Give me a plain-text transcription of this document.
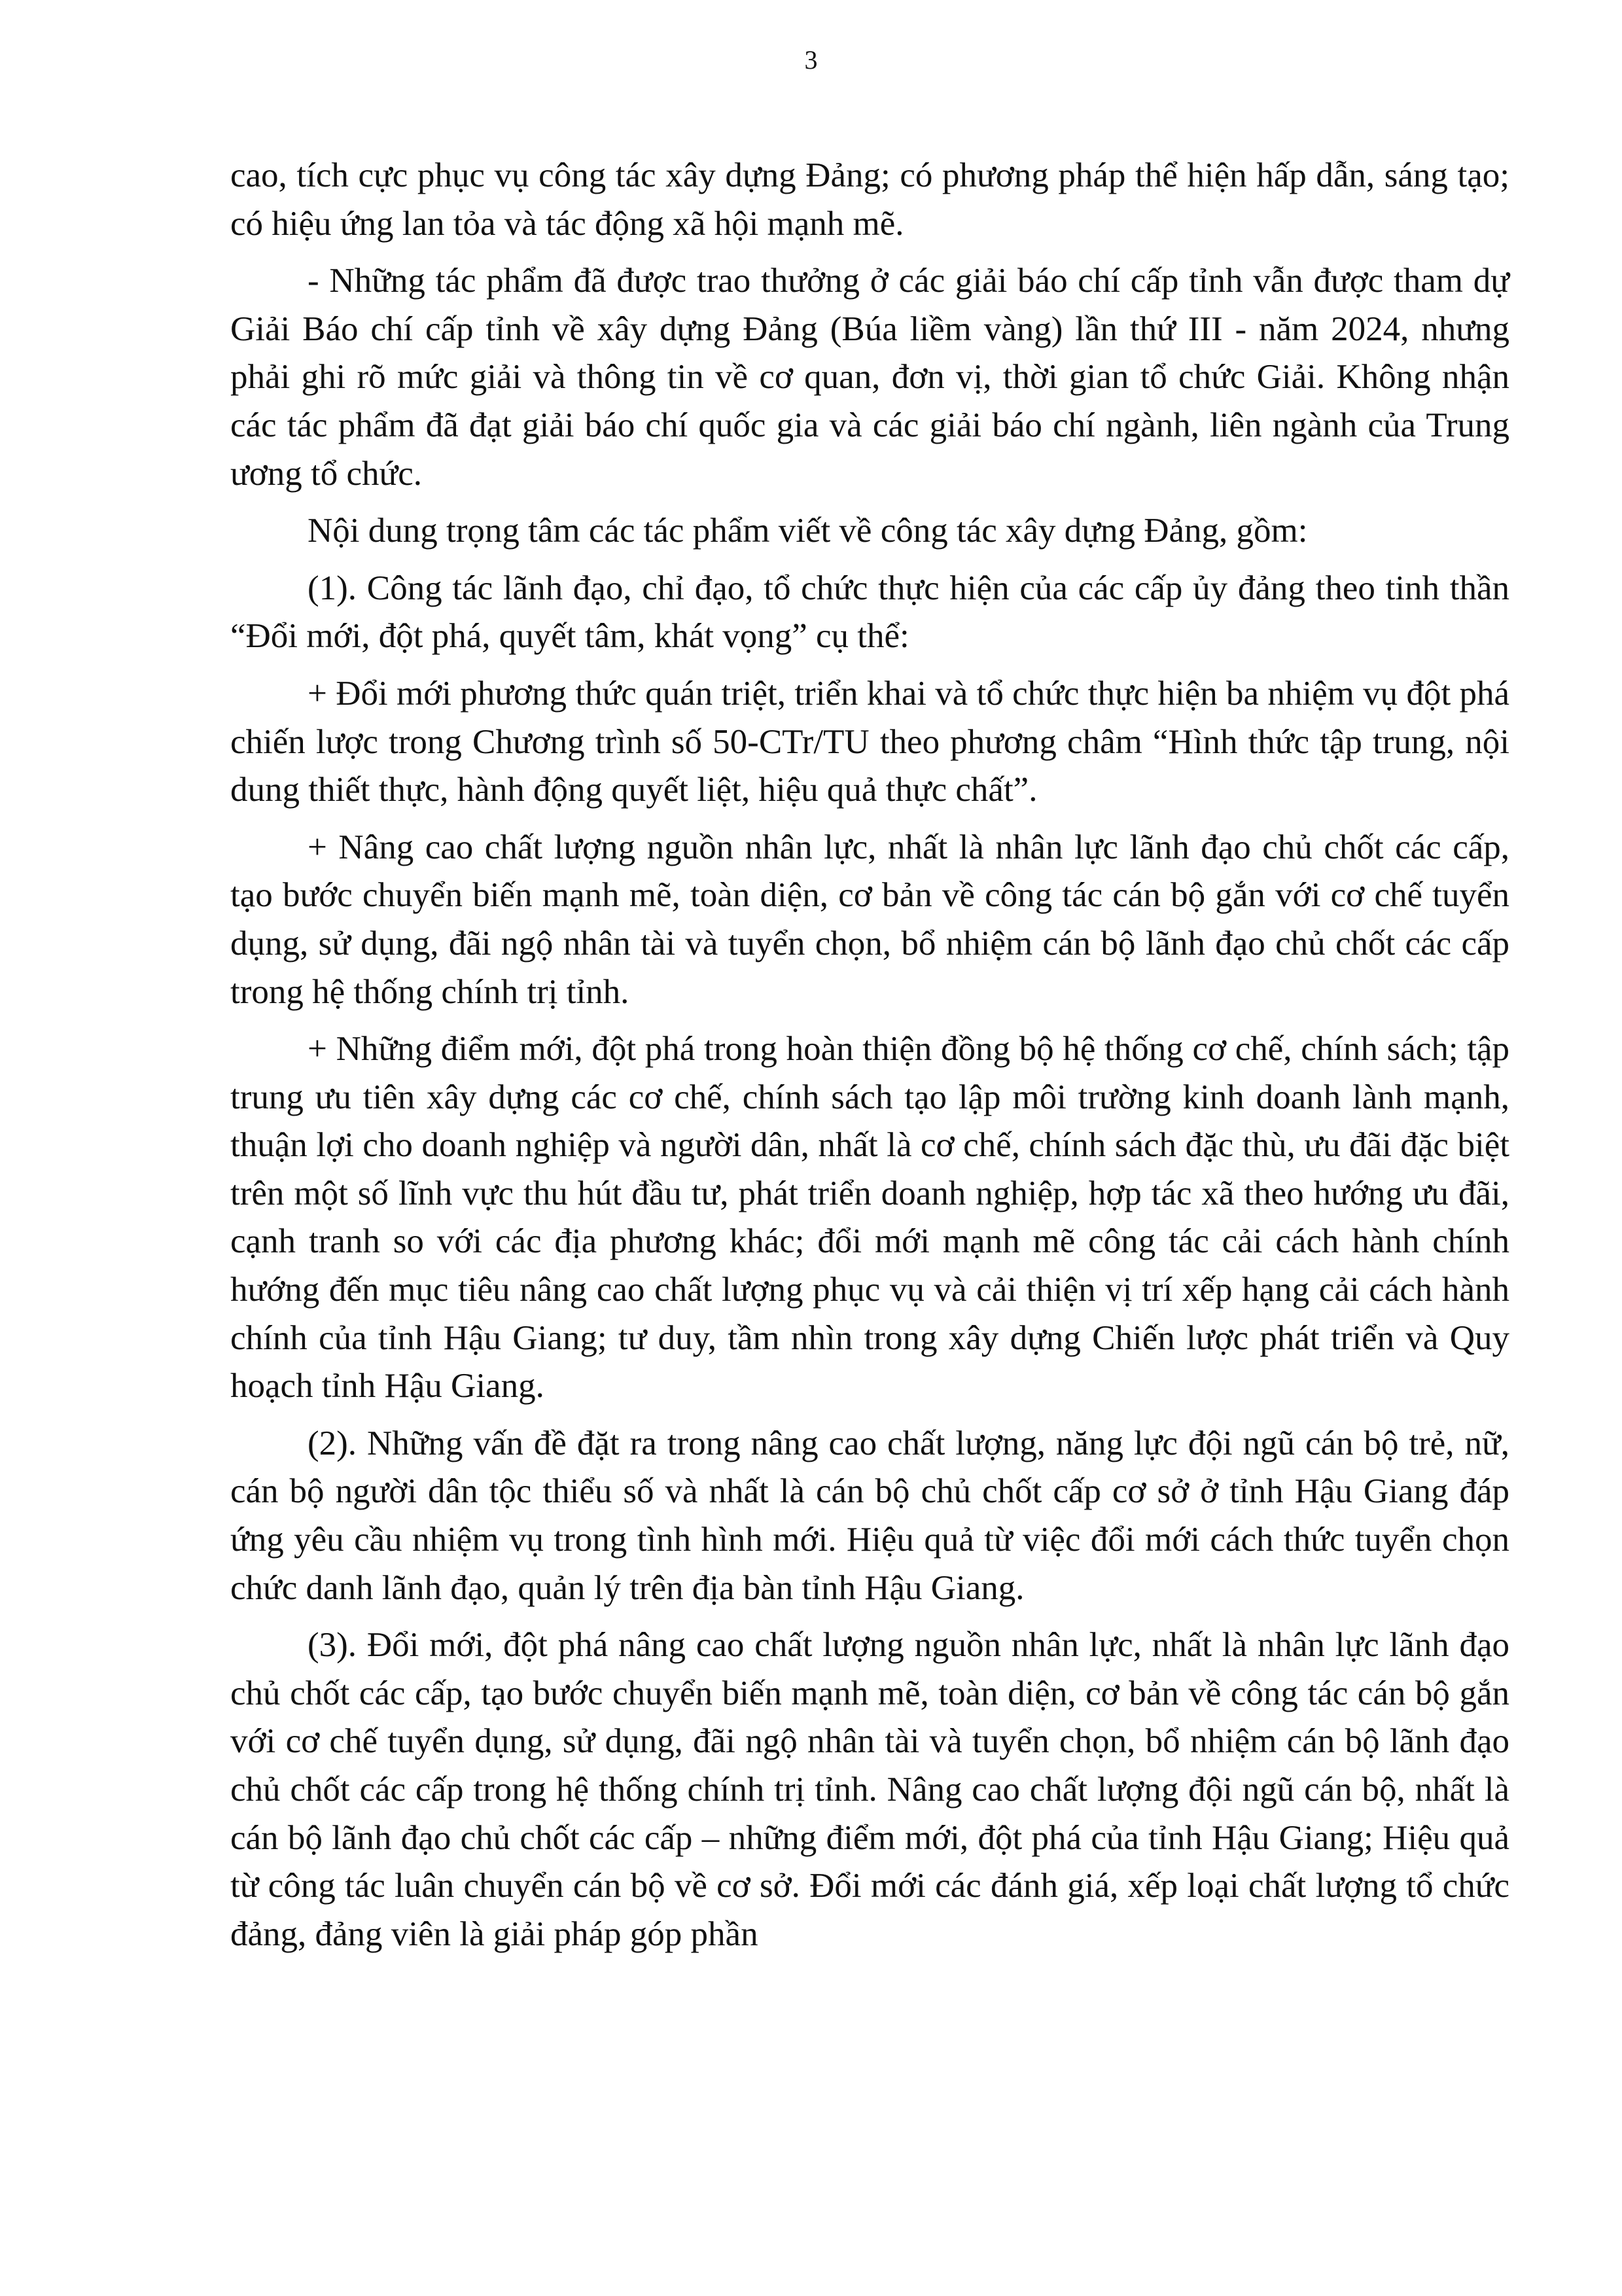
3

cao, tích cực phục vụ công tác xây dựng Đảng; có phương pháp thể hiện hấp dẫn, sáng tạo; có hiệu ứng lan tỏa và tác động xã hội mạnh mẽ.

- Những tác phẩm đã được trao thưởng ở các giải báo chí cấp tỉnh vẫn được tham dự Giải Báo chí cấp tỉnh về xây dựng Đảng (Búa liềm vàng) lần thứ III - năm 2024, nhưng phải ghi rõ mức giải và thông tin về cơ quan, đơn vị, thời gian tổ chức Giải. Không nhận các tác phẩm đã đạt giải báo chí quốc gia và các giải báo chí ngành, liên ngành của Trung ương tổ chức.

Nội dung trọng tâm các tác phẩm viết về công tác xây dựng Đảng, gồm:

(1). Công tác lãnh đạo, chỉ đạo, tổ chức thực hiện của các cấp ủy đảng theo tinh thần “Đổi mới, đột phá, quyết tâm, khát vọng” cụ thể:

+ Đổi mới phương thức quán triệt, triển khai và tổ chức thực hiện ba nhiệm vụ đột phá chiến lược trong Chương trình số 50-CTr/TU theo phương châm “Hình thức tập trung, nội dung thiết thực, hành động quyết liệt, hiệu quả thực chất”.

+ Nâng cao chất lượng nguồn nhân lực, nhất là nhân lực lãnh đạo chủ chốt các cấp, tạo bước chuyển biến mạnh mẽ, toàn diện, cơ bản về công tác cán bộ gắn với cơ chế tuyển dụng, sử dụng, đãi ngộ nhân tài và tuyển chọn, bổ nhiệm cán bộ lãnh đạo chủ chốt các cấp trong hệ thống chính trị tỉnh.

+ Những điểm mới, đột phá trong hoàn thiện đồng bộ hệ thống cơ chế, chính sách; tập trung ưu tiên xây dựng các cơ chế, chính sách tạo lập môi trường kinh doanh lành mạnh, thuận lợi cho doanh nghiệp và người dân, nhất là cơ chế, chính sách đặc thù, ưu đãi đặc biệt trên một số lĩnh vực thu hút đầu tư, phát triển doanh nghiệp, hợp tác xã theo hướng ưu đãi, cạnh tranh so với các địa phương khác; đổi mới mạnh mẽ công tác cải cách hành chính hướng đến mục tiêu nâng cao chất lượng phục vụ và cải thiện vị trí xếp hạng cải cách hành chính của tỉnh Hậu Giang; tư duy, tầm nhìn trong xây dựng Chiến lược phát triển và Quy hoạch tỉnh Hậu Giang.

(2). Những vấn đề đặt ra trong nâng cao chất lượng, năng lực đội ngũ cán bộ trẻ, nữ, cán bộ người dân tộc thiểu số và nhất là cán bộ chủ chốt cấp cơ sở ở tỉnh Hậu Giang đáp ứng yêu cầu nhiệm vụ trong tình hình mới. Hiệu quả từ việc đổi mới cách thức tuyển chọn chức danh lãnh đạo, quản lý trên địa bàn tỉnh Hậu Giang.

(3). Đổi mới, đột phá nâng cao chất lượng nguồn nhân lực, nhất là nhân lực lãnh đạo chủ chốt các cấp, tạo bước chuyển biến mạnh mẽ, toàn diện, cơ bản về công tác cán bộ gắn với cơ chế tuyển dụng, sử dụng, đãi ngộ nhân tài và tuyển chọn, bổ nhiệm cán bộ lãnh đạo chủ chốt các cấp trong hệ thống chính trị tỉnh. Nâng cao chất lượng đội ngũ cán bộ, nhất là cán bộ lãnh đạo chủ chốt các cấp – những điểm mới, đột phá của tỉnh Hậu Giang; Hiệu quả từ công tác luân chuyển cán bộ về cơ sở. Đổi mới các đánh giá, xếp loại chất lượng tổ chức đảng, đảng viên là giải pháp góp phần
